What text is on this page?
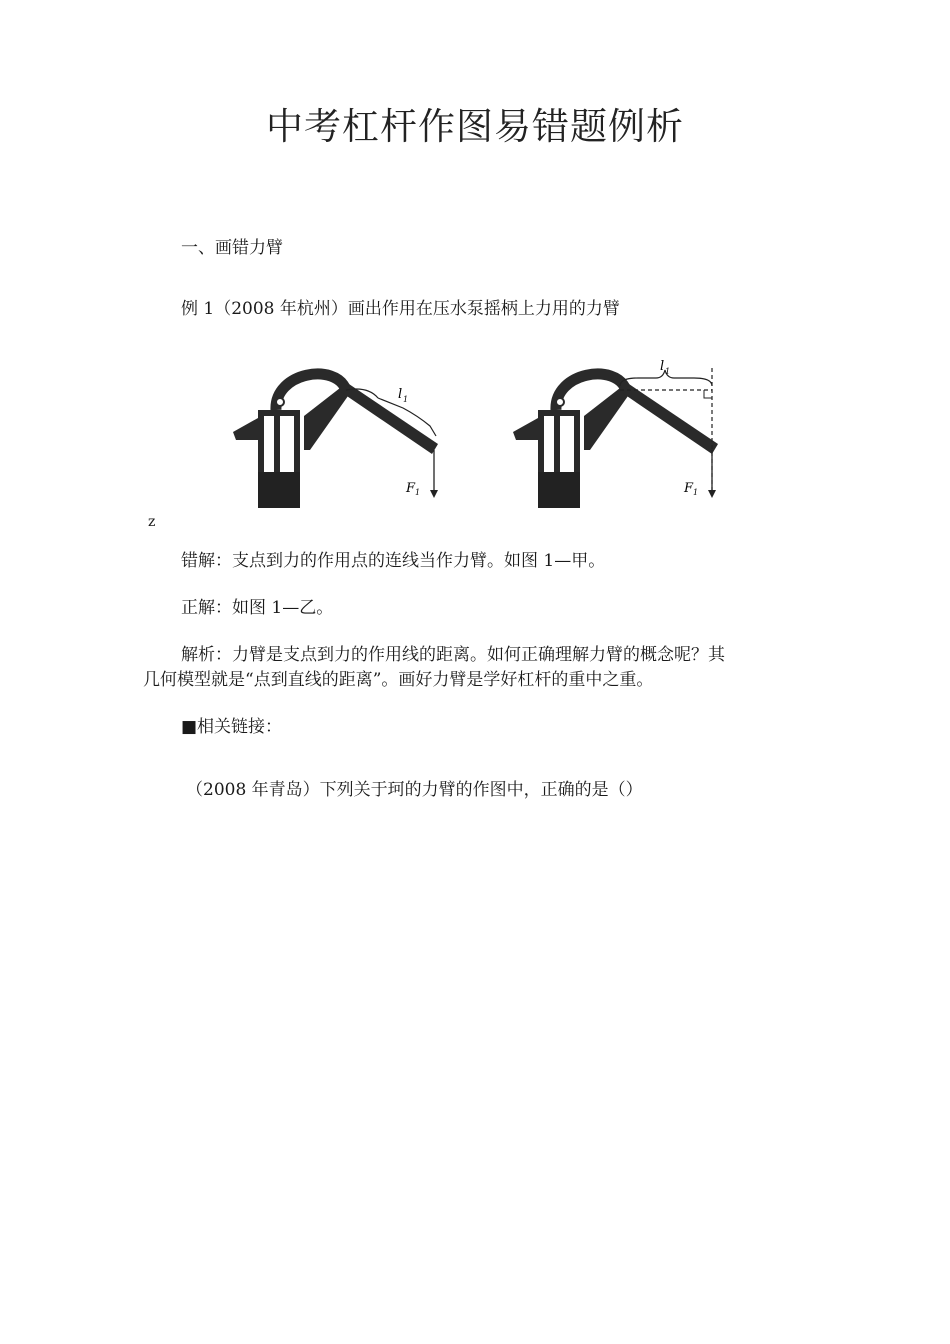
中考杠杆作图易错题例析
一、画错力臂
例 1（2008 年杭州）画出作用在压水泵摇柄上力用的力臂
l 1
F 1
l 1
F 1
z
错解：支点到力的作用点的连线当作力臂。如图 1—甲。
正解：如图 1—乙。
解析：力臂是支点到力的作用线的距离。如何正确理解力臂的概念呢？其
几何模型就是“点到直线的距离”。画好力臂是学好杠杆的重中之重。
■相关链接：
（2008 年青岛）下列关于珂的力臂的作图中，正确的是（）
